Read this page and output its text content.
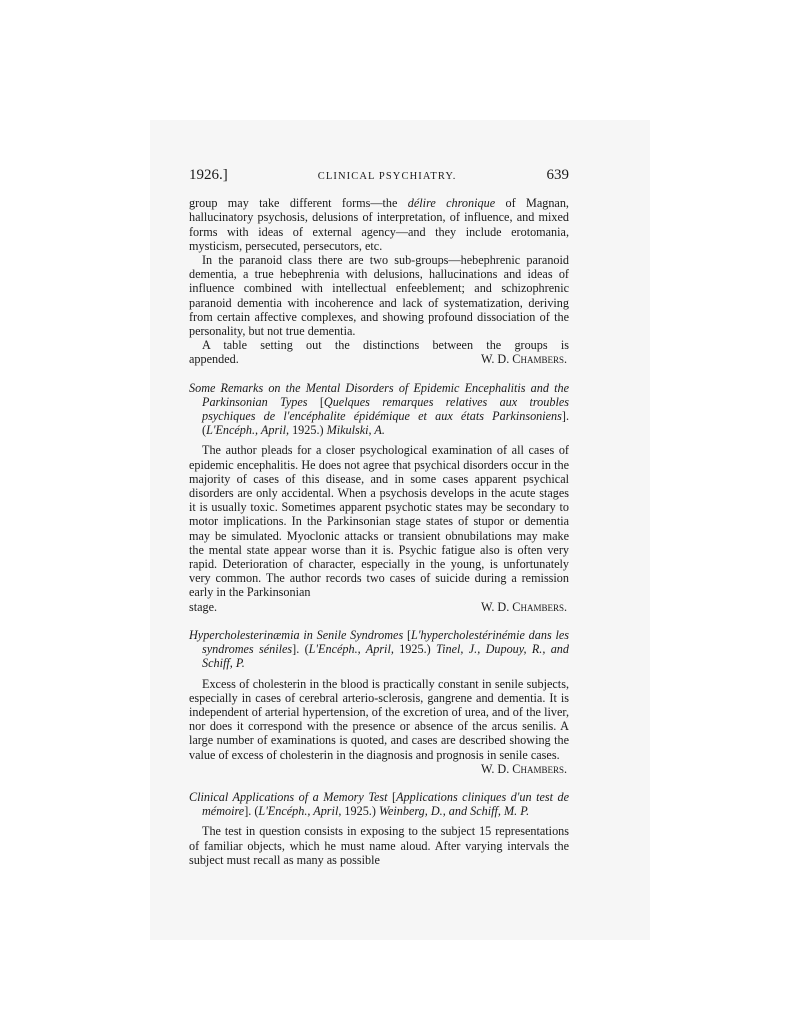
1926.]	CLINICAL PSYCHIATRY.	639

group may take different forms—the délire chronique of Magnan, hallucinatory psychosis, delusions of interpretation, of influence, and mixed forms with ideas of external agency—and they include erotomania, mysticism, persecuted, persecutors, etc.

In the paranoid class there are two sub-groups—hebephrenic paranoid dementia, a true hebephrenia with delusions, hallucinations and ideas of influence combined with intellectual enfeeblement; and schizophrenic paranoid dementia with incoherence and lack of systematization, deriving from certain affective complexes, and showing profound dissociation of the personality, but not true dementia.

A table setting out the distinctions between the groups is

appended.	W. D. Chambers.

Some Remarks on the Mental Disorders of Epidemic Encephalitis and the Parkinsonian Types [Quelques remarques relatives aux troubles psychiques de l'encéphalite épidémique et aux états Parkinsoniens]. (L'Encéph., April, 1925.) Mikulski, A.

The author pleads for a closer psychological examination of all cases of epidemic encephalitis. He does not agree that psychical disorders occur in the majority of cases of this disease, and in some cases apparent psychical disorders are only accidental. When a psychosis develops in the acute stages it is usually toxic. Sometimes apparent psychotic states may be secondary to motor implications. In the Parkinsonian stage states of stupor or dementia may be simulated. Myoclonic attacks or transient obnubilations may make the mental state appear worse than it is. Psychic fatigue also is often very rapid. Deterioration of character, especially in the young, is unfortunately very common. The author records two cases of suicide during a remission early in the Parkinsonian

stage.	W. D. Chambers.

Hypercholesterinæmia in Senile Syndromes [L'hypercholestérinémie dans les syndromes séniles]. (L'Encéph., April, 1925.) Tinel, J., Dupouy, R., and Schiff, P.

Excess of cholesterin in the blood is practically constant in senile subjects, especially in cases of cerebral arterio-sclerosis, gangrene and dementia. It is independent of arterial hypertension, of the excretion of urea, and of the liver, nor does it correspond with the presence or absence of the arcus senilis. A large number of examinations is quoted, and cases are described showing the value of excess of cholesterin in the diagnosis and prognosis in senile cases.

W. D. Chambers.

Clinical Applications of a Memory Test [Applications cliniques d'un test de mémoire]. (L'Encéph., April, 1925.) Weinberg, D., and Schiff, M. P.

The test in question consists in exposing to the subject 15 representations of familiar objects, which he must name aloud. After varying intervals the subject must recall as many as possible
